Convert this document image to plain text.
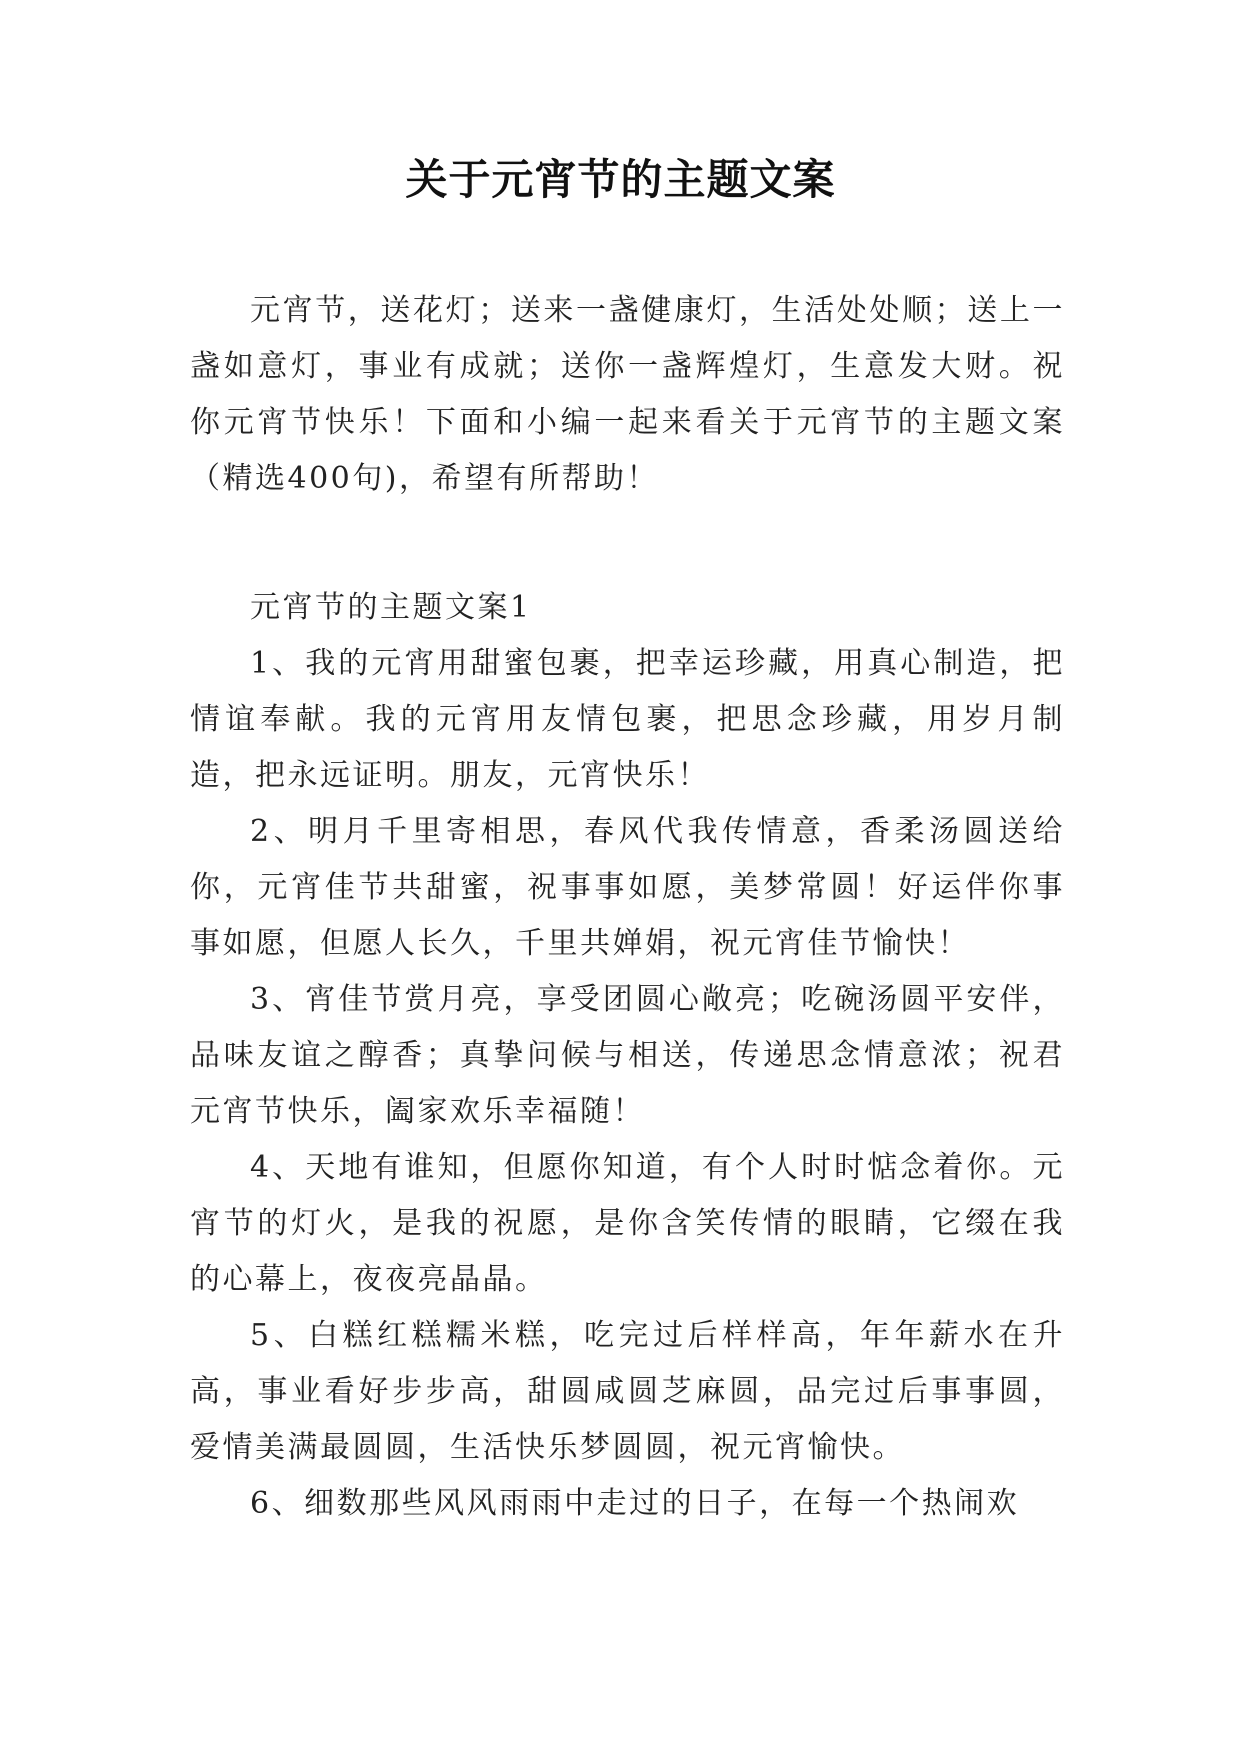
关于元宵节的主题文案

元宵节，送花灯；送来一盏健康灯，生活处处顺；送上一盏如意灯，事业有成就；送你一盏辉煌灯，生意发大财。祝你元宵节快乐！下面和小编一起来看关于元宵节的主题文案（精选400句)，希望有所帮助！

元宵节的主题文案1

1、我的元宵用甜蜜包裹，把幸运珍藏，用真心制造，把情谊奉献。我的元宵用友情包裹，把思念珍藏，用岁月制造，把永远证明。朋友，元宵快乐！

2、明月千里寄相思，春风代我传情意，香柔汤圆送给你，元宵佳节共甜蜜，祝事事如愿，美梦常圆！好运伴你事事如愿，但愿人长久，千里共婵娟，祝元宵佳节愉快！

3、宵佳节赏月亮，享受团圆心敞亮；吃碗汤圆平安伴，品味友谊之醇香；真挚问候与相送，传递思念情意浓；祝君元宵节快乐，阖家欢乐幸福随！

4、天地有谁知，但愿你知道，有个人时时惦念着你。元宵节的灯火，是我的祝愿，是你含笑传情的眼睛，它缀在我的心幕上，夜夜亮晶晶。

5、白糕红糕糯米糕，吃完过后样样高，年年薪水在升高，事业看好步步高，甜圆咸圆芝麻圆，品完过后事事圆，爱情美满最圆圆，生活快乐梦圆圆，祝元宵愉快。

6、细数那些风风雨雨中走过的日子，在每一个热闹欢
